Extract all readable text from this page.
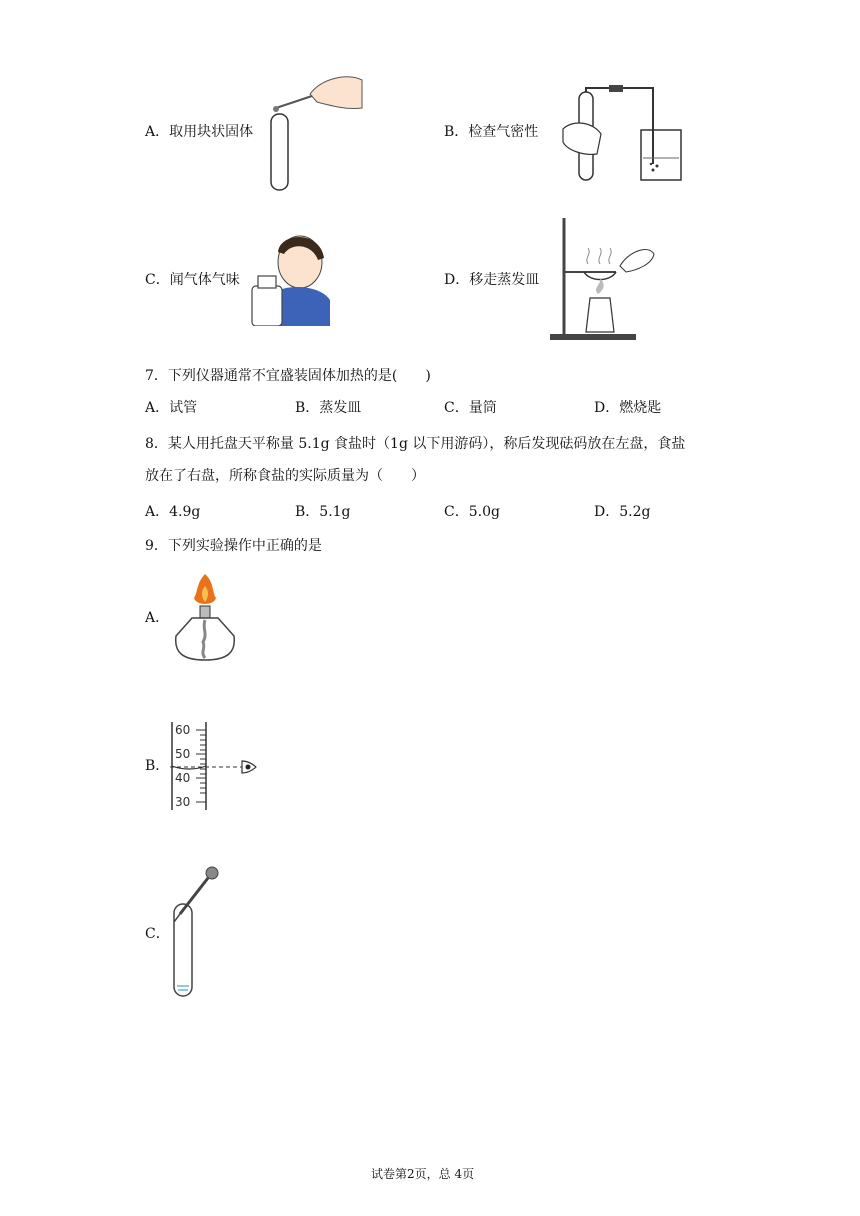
A．取用块状固体	B．检查气密性
C．闻气体气味	D．移走蒸发皿
7．下列仪器通常不宜盛装固体加热的是(　　)
A．试管	B．蒸发皿	C．量筒	D．燃烧匙
8．某人用托盘天平称量 5.1g 食盐时（1g 以下用游码），称后发现砝码放在左盘，食盐
放在了右盘，所称食盐的实际质量为（　　）
A．4.9g	B．5.1g	C．5.0g	D．5.2g
9．下列实验操作中正确的是
A．
B．
60
50
40
30
C．
试卷第2页，总 4页
